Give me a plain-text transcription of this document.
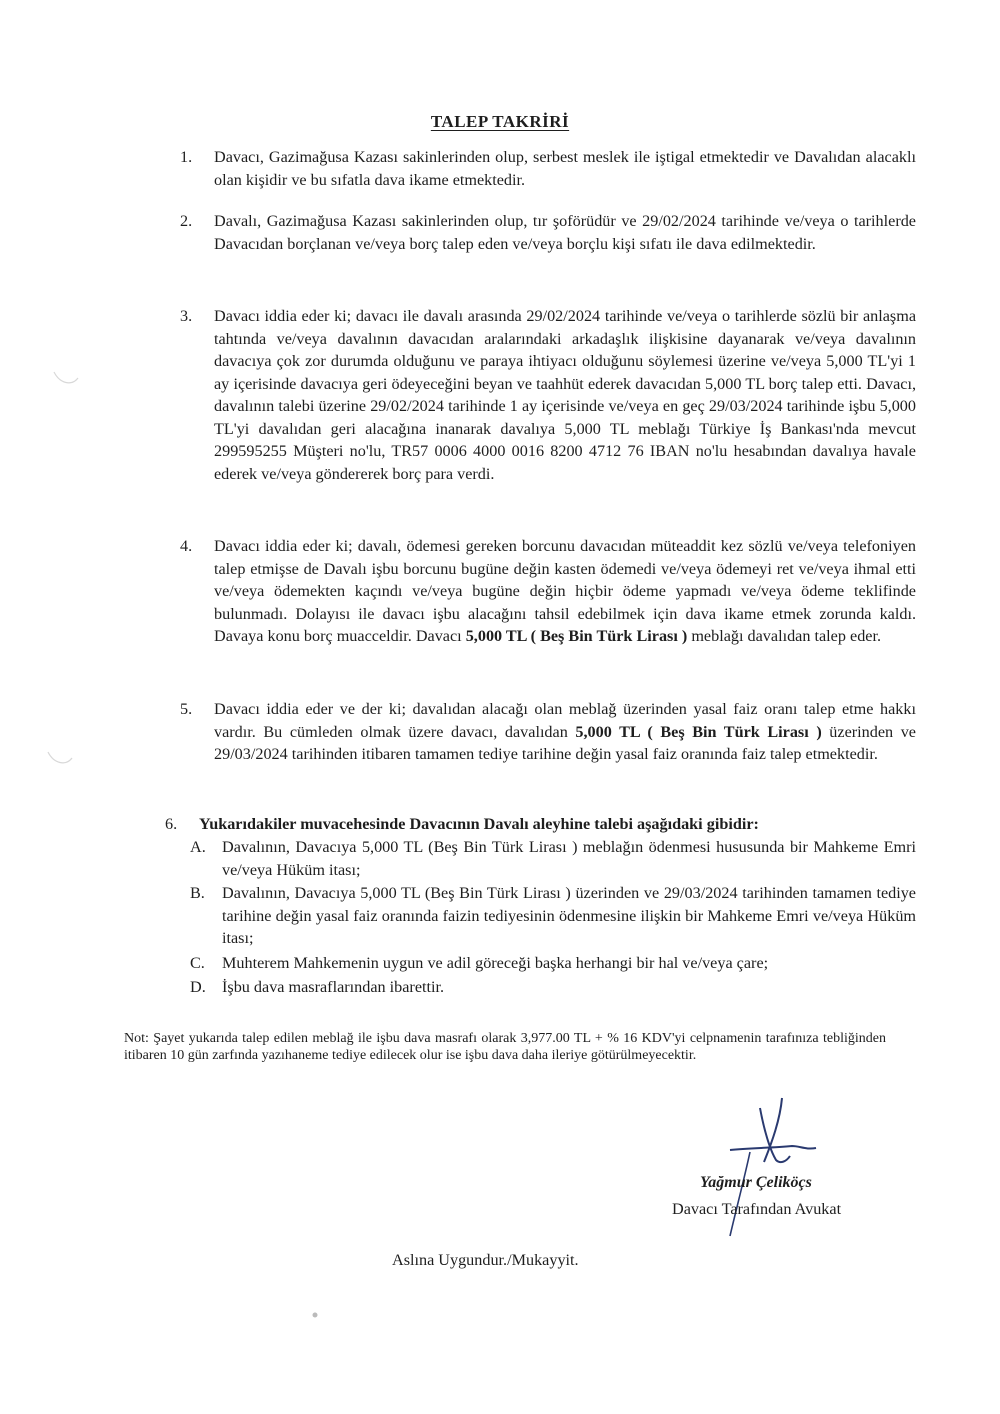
TALEP TAKRİRİ
1.	Davacı, Gazimağusa Kazası sakinlerinden olup, serbest meslek ile iştigal etmektedir ve Davalıdan alacaklı olan kişidir ve bu sıfatla dava ikame etmektedir.
2.	Davalı, Gazimağusa Kazası sakinlerinden olup, tır şoförüdür ve 29/02/2024 tarihinde ve/veya o tarihlerde Davacıdan borçlanan ve/veya borç talep eden ve/veya borçlu kişi sıfatı ile dava edilmektedir.
3.	Davacı iddia eder ki; davacı ile davalı arasında 29/02/2024 tarihinde ve/veya o tarihlerde sözlü bir anlaşma tahtında ve/veya davalının davacıdan aralarındaki arkadaşlık ilişkisine dayanarak ve/veya davalının davacıya çok zor durumda olduğunu ve paraya ihtiyacı olduğunu söylemesi üzerine ve/veya 5,000 TL'yi 1 ay içerisinde davacıya geri ödeyeceğini beyan ve taahhüt ederek davacıdan 5,000 TL borç talep etti. Davacı, davalının talebi üzerine 29/02/2024 tarihinde 1 ay içerisinde ve/veya en geç 29/03/2024 tarihinde işbu 5,000 TL'yi davalıdan geri alacağına inanarak davalıya 5,000 TL meblağı Türkiye İş Bankası'nda mevcut 299595255 Müşteri no'lu, TR57 0006 4000 0016 8200 4712 76 IBAN no'lu hesabından davalıya havale ederek ve/veya göndererek borç para verdi.
4.	Davacı iddia eder ki; davalı, ödemesi gereken borcunu davacıdan müteaddit kez sözlü ve/veya telefoniyen talep etmişse de Davalı işbu borcunu bugüne değin kasten ödemedi ve/veya ödemeyi ret ve/veya ihmal etti ve/veya ödemekten kaçındı ve/veya bugüne değin hiçbir ödeme yapmadı ve/veya ödeme teklifinde bulunmadı. Dolayısı ile davacı işbu alacağını tahsil edebilmek için dava ikame etmek zorunda kaldı. Davaya konu borç muacceldir. Davacı 5,000 TL ( Beş Bin Türk Lirası ) meblağı davalıdan talep eder.
5.	Davacı iddia eder ve der ki; davalıdan alacağı olan meblağ üzerinden yasal faiz oranı talep etme hakkı vardır. Bu cümleden olmak üzere davacı, davalıdan 5,000 TL ( Beş Bin Türk Lirası ) üzerinden ve 29/03/2024 tarihinden itibaren tamamen tediye tarihine değin yasal faiz oranında faiz talep etmektedir.
6.	Yukarıdakiler muvacehesinde Davacının Davalı aleyhine talebi aşağıdaki gibidir:
A.	Davalının, Davacıya 5,000 TL (Beş Bin Türk Lirası ) meblağın ödenmesi hususunda bir Mahkeme Emri ve/veya Hüküm itası;
B.	Davalının, Davacıya 5,000 TL (Beş Bin Türk Lirası ) üzerinden ve 29/03/2024 tarihinden tamamen tediye tarihine değin yasal faiz oranında faizin tediyesinin ödenmesine ilişkin bir Mahkeme Emri ve/veya Hüküm itası;
C.	Muhterem Mahkemenin uygun ve adil göreceği başka herhangi bir hal ve/veya çare;
D.	İşbu dava masraflarından ibarettir.
Not: Şayet yukarıda talep edilen meblağ ile işbu dava masrafı olarak 3,977.00 TL + % 16 KDV'yi celpnamenin tarafınıza tebliğinden itibaren 10 gün zarfında yazıhaneme tediye edilecek olur ise işbu dava daha ileriye götürülmeyecektir.
Yağmur Çeliköçs
Davacı Tarafından Avukat
Aslına Uygundur./Mukayyit.
